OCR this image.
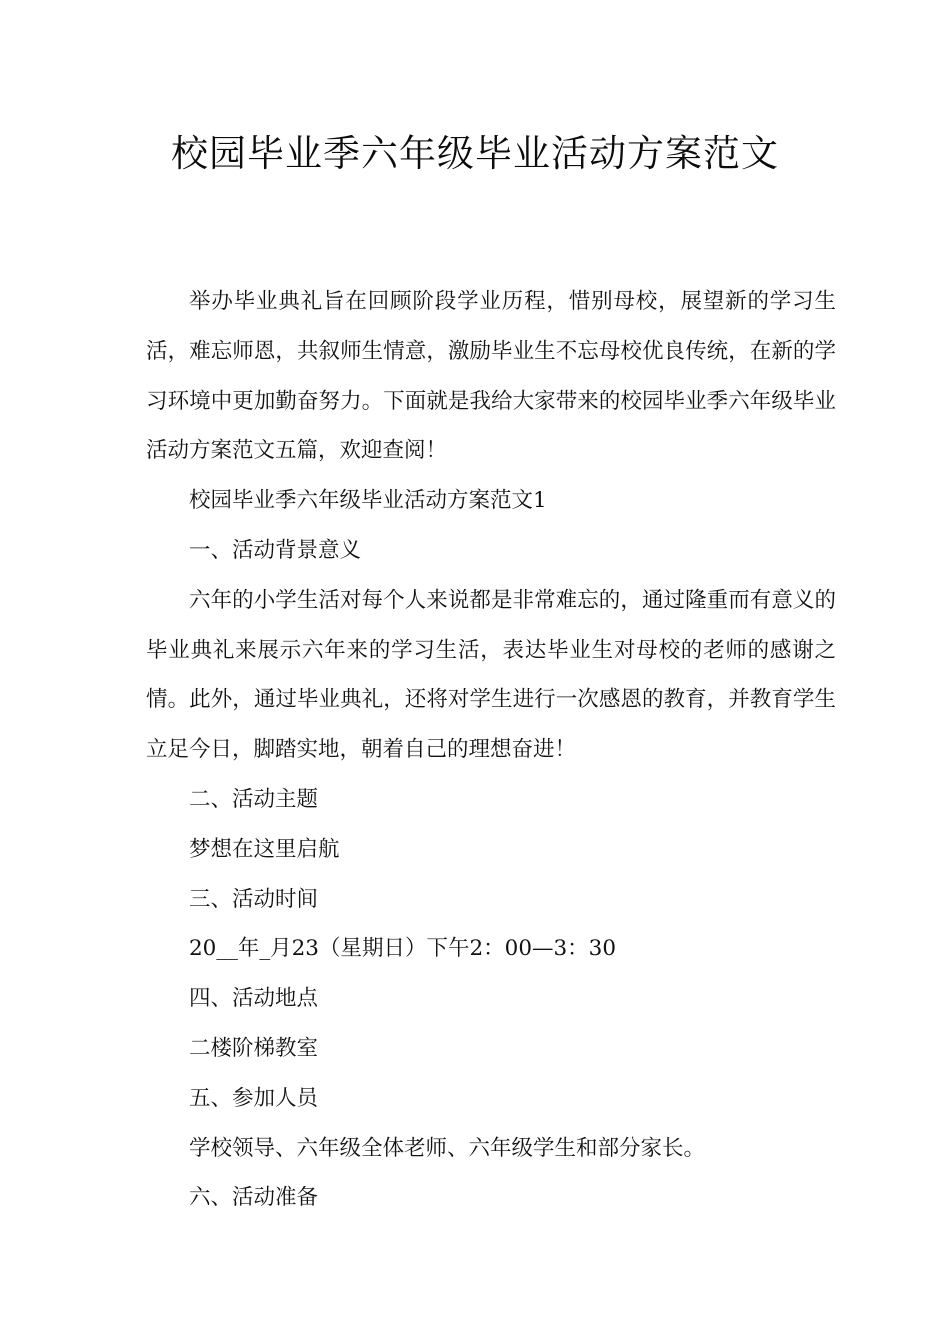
校园毕业季六年级毕业活动方案范文

举办毕业典礼旨在回顾阶段学业历程，惜别母校，展望新的学习生活，难忘师恩，共叙师生情意，激励毕业生不忘母校优良传统，在新的学习环境中更加勤奋努力。下面就是我给大家带来的校园毕业季六年级毕业活动方案范文五篇，欢迎查阅！

校园毕业季六年级毕业活动方案范文1
一、活动背景意义

六年的小学生活对每个人来说都是非常难忘的，通过隆重而有意义的毕业典礼来展示六年来的学习生活，表达毕业生对母校的老师的感谢之情。此外，通过毕业典礼，还将对学生进行一次感恩的教育，并教育学生立足今日，脚踏实地，朝着自己的理想奋进！

二、活动主题
梦想在这里启航
三、活动时间
20__年_月23（星期日）下午2：00—3：30
四、活动地点
二楼阶梯教室
五、参加人员
学校领导、六年级全体老师、六年级学生和部分家长。
六、活动准备
